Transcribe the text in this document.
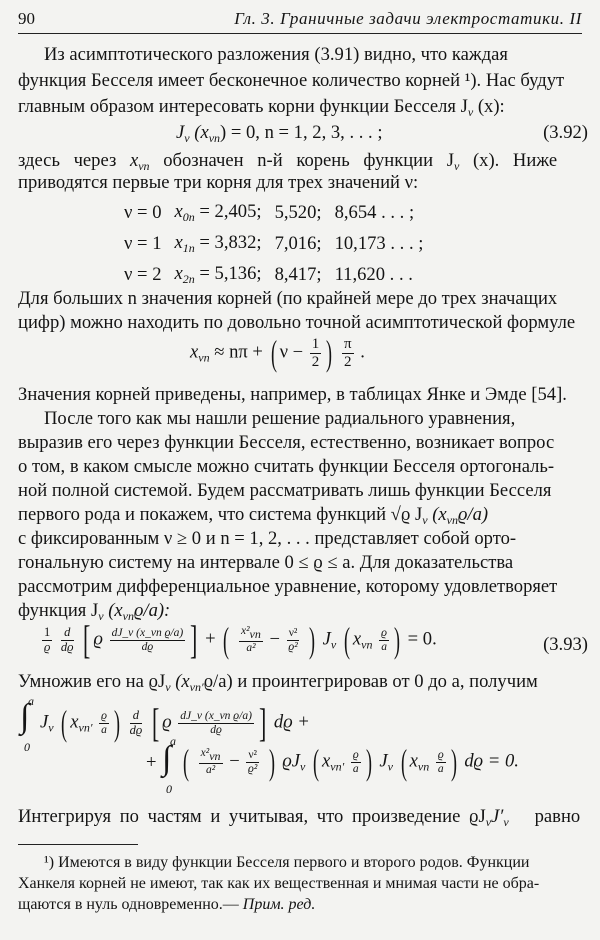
90	Гл. 3. Граничные задачи электростатики. II
Из асимптотического разложения (3.91) видно, что каждая
функция Бесселя имеет бесконечное количество корней ¹). Нас будут
главным образом интересовать корни функции Бесселя $J_\nu$ (x):
$J_\nu$ $(x_{\nu n}) = 0$, n = 1, 2, 3, . . . ;	(3.92)
здесь через $x_{\nu n}$ обозначен n-й корень функции $J_\nu$ (x). Ниже
приводятся первые три корня для трех значений ν:
ν = 0	$x_{0n} = 2,405$;	5,520;	8,654 . . . ;
ν = 1	$x_{1n} = 3,832$;	7,016;	10,173 . . . ;
ν = 2	$x_{2n} = 5,136$;	8,417;	11,620 . . .
Для больших n значения корней (по крайней мере до трех значащих
цифр) можно находить по довольно точной асимптотической формуле
$x_{\nu n} \approx n\pi$ + ( $\nu - \frac{1}{2}$ ) $\frac{\pi}{2}$ .
Значения корней приведены, например, в таблицах Янке и Эмде [54].
После того как мы нашли решение радиального уравнения,
выразив его через функции Бесселя, естественно, возникает вопрос
о том, в каком смысле можно считать функции Бесселя ортогональ-
ной полной системой. Будем рассматривать лишь функции Бесселя
первого рода и покажем, что система функций √ϱ $J_\nu$ $(x_{\nu n}ϱ/a)$
с фиксированным ν ≥ 0 и n = 1, 2, . . . представляет собой орто-
гональную систему на интервале 0 ≤ ϱ ≤ a. Для доказательства
рассмотрим дифференциальное уравнение, которому удовлетворяет
функция $J_\nu$ $(x_{\nu n}ϱ/a)$:
$\frac{1}{ϱ}$
$\frac{d}{dϱ}$ [ ϱ $\frac{\text{dJ\_ν (x\_νn ϱ/a)}}{dϱ}$ ] + ( $\frac{\text{x²νn}}{\text{a²}} - \frac{\text{ν²}}{\text{ϱ²}}$ ) $J_\nu$ ( $x_{\nu n} \frac{ϱ}{a}$ ) = 0.	(3.93)
Умножив его на $ϱJ_\nu$ $(x_{\nu n'}ϱ/a)$ и проинтегрировав от 0 до a, получим
∫
a
0
$J_\nu$ ( $x_{\nu n'} \frac{ϱ}{a}$ ) $\frac{d}{dϱ}$ [ ϱ $\frac{\text{dJ\_ν (x\_νn ϱ/a)}}{dϱ}$ ] dϱ +
+ ∫
a
0
( $\frac{\text{x²νn}}{\text{a²}} - \frac{\text{ν²}}{\text{ϱ²}}$ ) $ϱJ_\nu$ ( $x_{\nu n'} \frac{ϱ}{a}$ ) $J_\nu$ ( $x_{\nu n} \frac{ϱ}{a}$ ) dϱ = 0.
Интегрируя по частям и учитывая, что произведение $ϱJ_\nu J'_\nu$ равно
¹) Имеются в виду функции Бесселя первого и второго родов. Функции
Ханкеля корней не имеют, так как их вещественная и мнимая части не обра-
щаются в нуль одновременно.— Прим. ред.
